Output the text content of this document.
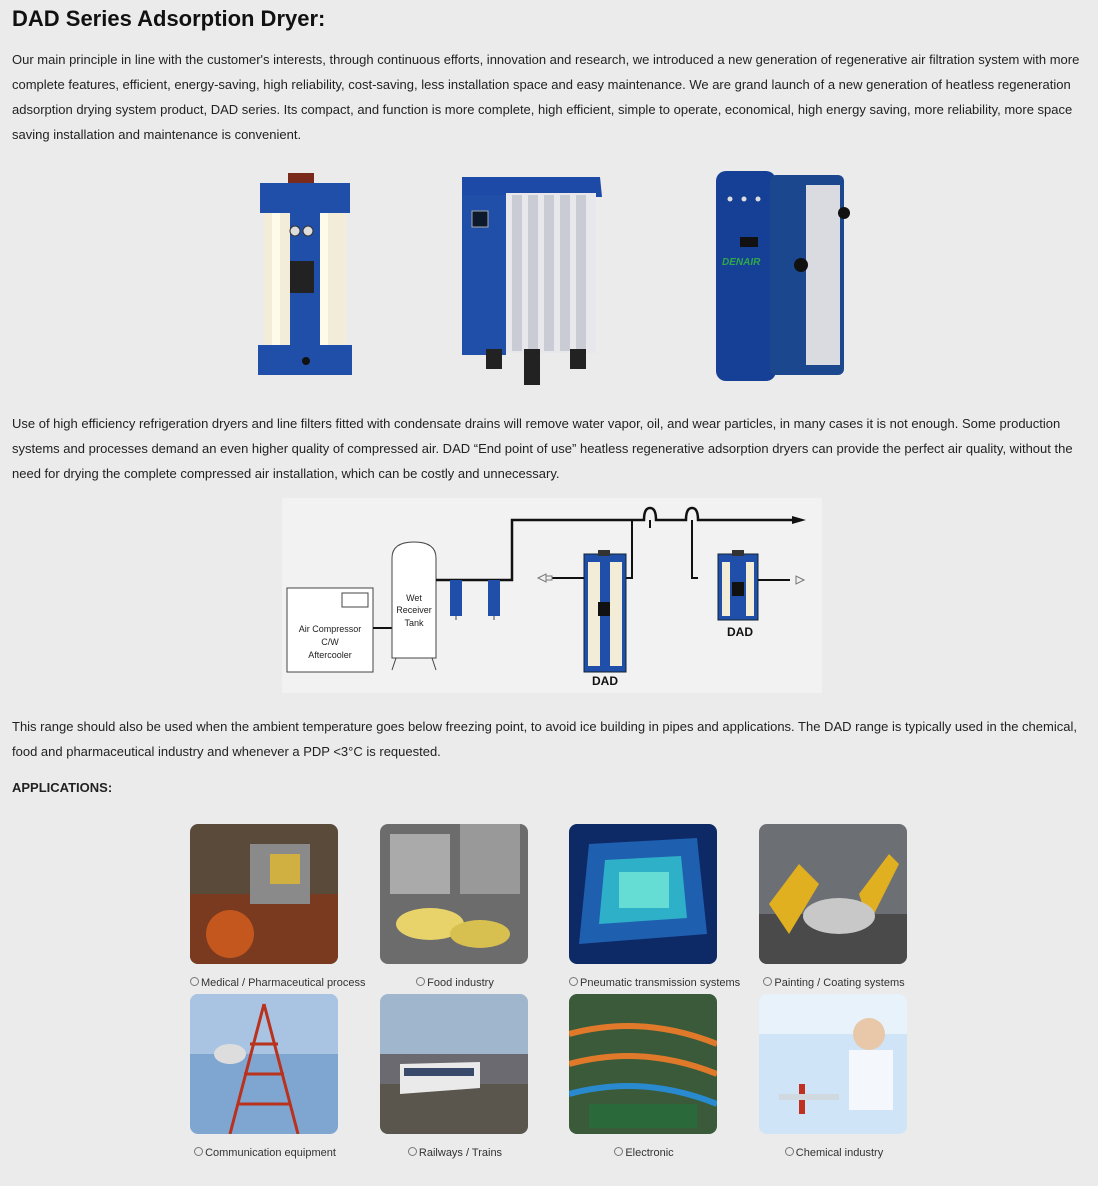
DAD Series Adsorption Dryer:

Our main principle in line with the customer's interests, through continuous efforts, innovation and research, we introduced a new generation of regenerative air filtration system with more complete features, efficient, energy-saving, high reliability, cost-saving, less installation space and easy maintenance. We are grand launch of a new generation of heatless regeneration adsorption drying system product, DAD series. Its compact, and function is more complete, high efficient, simple to operate, economical, high energy saving, more reliability, more space saving installation and maintenance is convenient.

DENAIR

Use of high efficiency refrigeration dryers and line filters fitted with condensate drains will remove water vapor, oil, and wear particles, in many cases it is not enough. Some production systems and processes demand an even higher quality of compressed air. DAD “End point of use” heatless regenerative adsorption dryers can provide the perfect air quality, without the need for drying the complete compressed air installation, which can be costly and unnecessary.

Air Compressor
C/W
Aftercooler
Wet
Receiver
Tank
DAD
DAD

This range should also be used when the ambient temperature goes below freezing point, to avoid ice building in pipes and applications. The DAD range is typically used in the chemical, food and pharmaceutical industry and whenever a PDP <3°C is requested.

APPLICATIONS:
Medical / Pharmaceutical process	Food industry	Pneumatic transmission systems	Painting / Coating systems
Communication equipment	Railways / Trains	Electronic	Chemical industry
